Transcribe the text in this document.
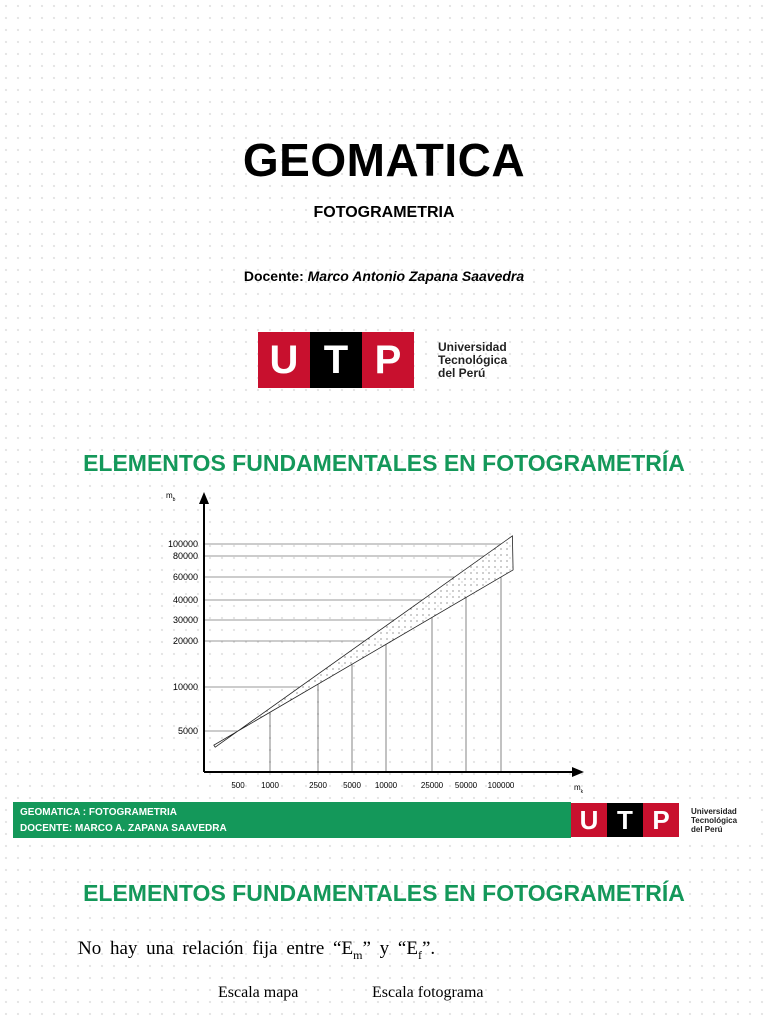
GEOMATICA
FOTOGRAMETRIA
Docente: Marco Antonio Zapana Saavedra
U T P	Universidad
Tecnológica
del Perú
ELEMENTOS FUNDAMENTALES EN FOTOGRAMETRÍA
5000
10000
20000
30000
40000
60000
80000
100000
500 1000	2500 5000 10000	25000 50000 100000
$m_b$
$m_k$
GEOMATICA : FOTOGRAMETRIA
DOCENTE: MARCO A. ZAPANA SAAVEDRA	U T P	Universidad
Tecnológica
del Perú
ELEMENTOS FUNDAMENTALES EN FOTOGRAMETRÍA
No hay una relación fija entre “$E_m$” y “$E_f$”.
Escala mapa	Escala fotograma
